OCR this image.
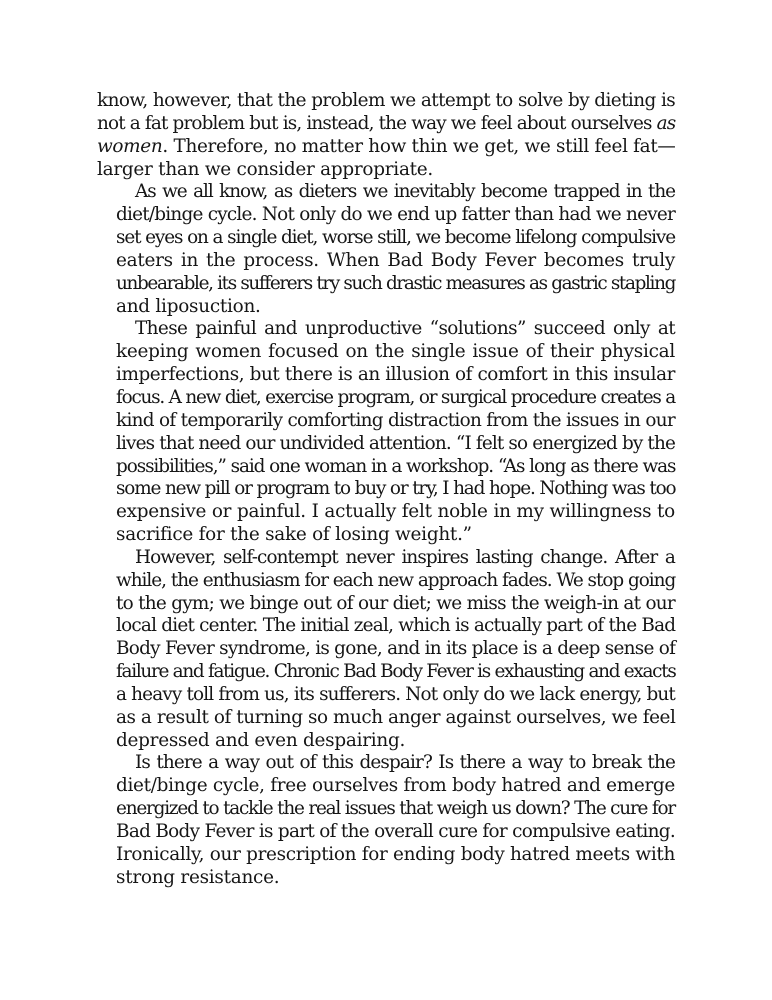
know, however, that the problem we attempt to solve by dieting is
not a fat problem but is, instead, the way we feel about ourselves as
women. Therefore, no matter how thin we get, we still feel fat—
larger than we consider appropriate.
As we all know, as dieters we inevitably become trapped in the
diet/binge cycle. Not only do we end up fatter than had we never
set eyes on a single diet, worse still, we become lifelong compulsive
eaters in the process. When Bad Body Fever becomes truly
unbearable, its sufferers try such drastic measures as gastric stapling
and liposuction.
These painful and unproductive “solutions” succeed only at
keeping women focused on the single issue of their physical
imperfections, but there is an illusion of comfort in this insular
focus. A new diet, exercise program, or surgical procedure creates a
kind of temporarily comforting distraction from the issues in our
lives that need our undivided attention. “I felt so energized by the
possibilities,” said one woman in a workshop. “As long as there was
some new pill or program to buy or try, I had hope. Nothing was too
expensive or painful. I actually felt noble in my willingness to
sacrifice for the sake of losing weight.”
However, self-contempt never inspires lasting change. After a
while, the enthusiasm for each new approach fades. We stop going
to the gym; we binge out of our diet; we miss the weigh-in at our
local diet center. The initial zeal, which is actually part of the Bad
Body Fever syndrome, is gone, and in its place is a deep sense of
failure and fatigue. Chronic Bad Body Fever is exhausting and exacts
a heavy toll from us, its sufferers. Not only do we lack energy, but
as a result of turning so much anger against ourselves, we feel
depressed and even despairing.
Is there a way out of this despair? Is there a way to break the
diet/binge cycle, free ourselves from body hatred and emerge
energized to tackle the real issues that weigh us down? The cure for
Bad Body Fever is part of the overall cure for compulsive eating.
Ironically, our prescription for ending body hatred meets with
strong resistance.
